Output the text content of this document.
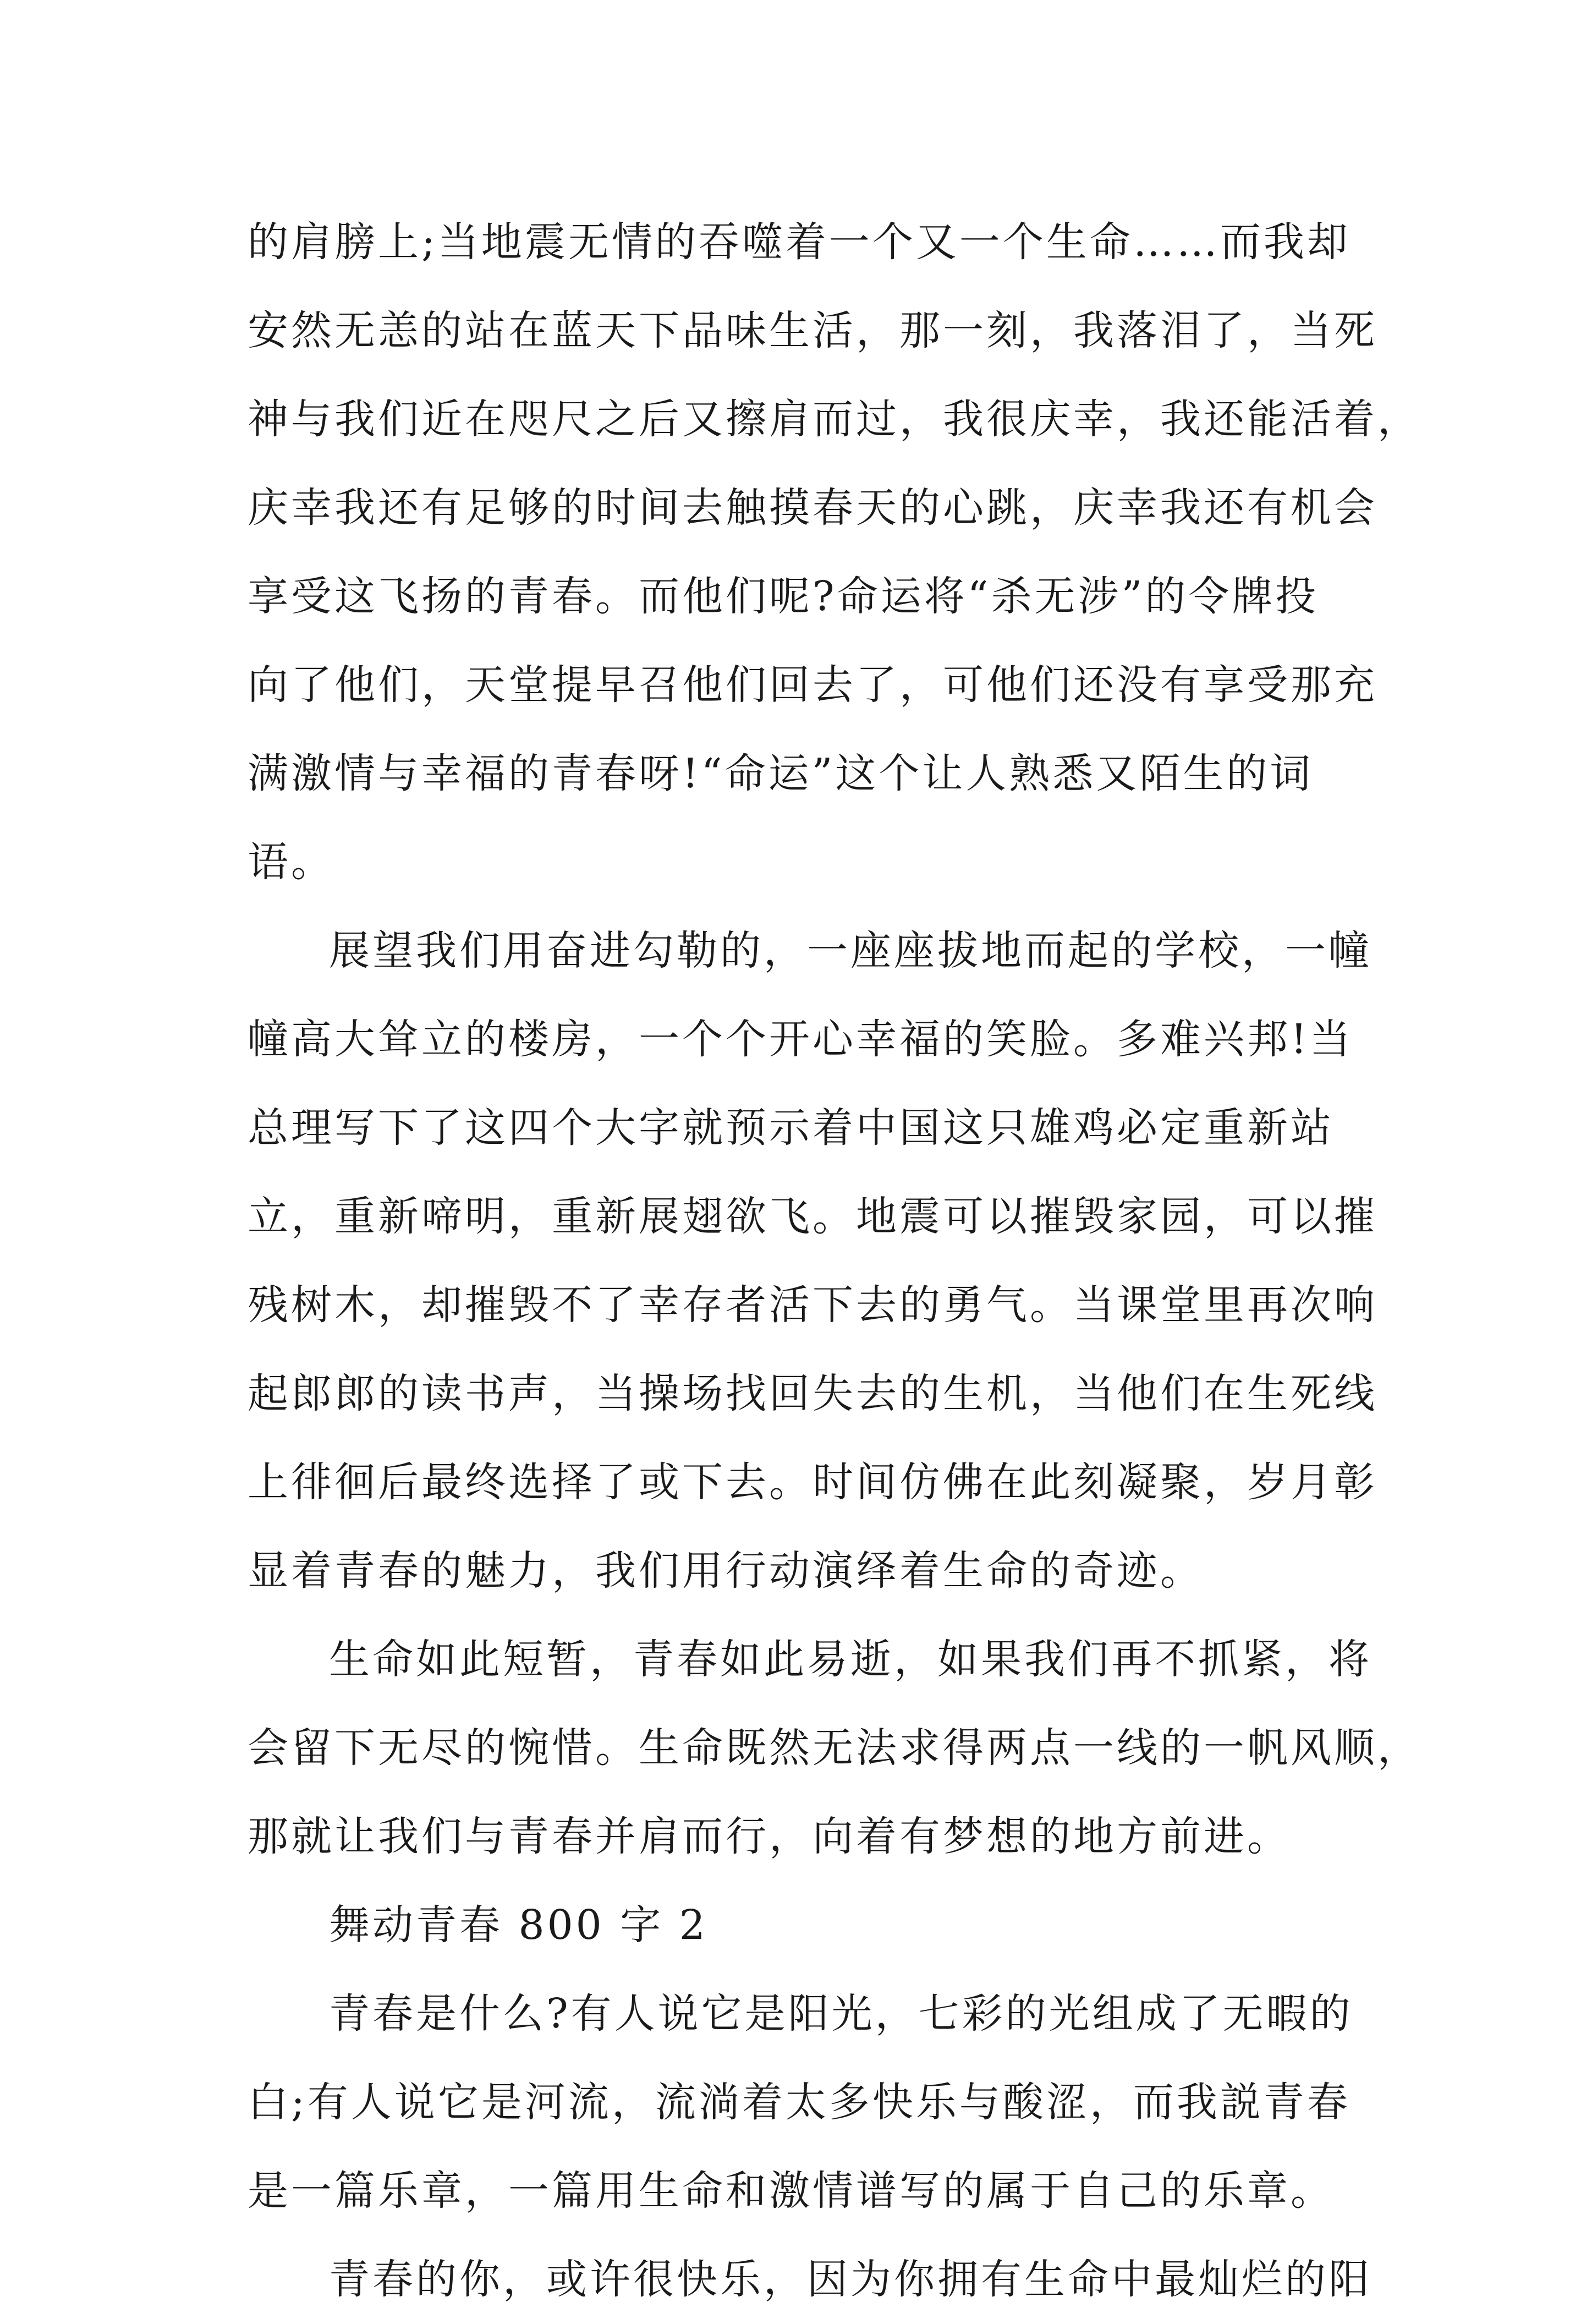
的肩膀上;当地震无情的吞噬着一个又一个生命……而我却
安然无恙的站在蓝天下品味生活，那一刻，我落泪了，当死
神与我们近在咫尺之后又擦肩而过，我很庆幸，我还能活着，
庆幸我还有足够的时间去触摸春天的心跳，庆幸我还有机会
享受这飞扬的青春。而他们呢?命运将“杀无涉”的令牌投
向了他们，天堂提早召他们回去了，可他们还没有享受那充
满激情与幸福的青春呀!“命运”这个让人熟悉又陌生的词
语。
展望我们用奋进勾勒的，一座座拔地而起的学校，一幢
幢高大耸立的楼房，一个个开心幸福的笑脸。多难兴邦!当
总理写下了这四个大字就预示着中国这只雄鸡必定重新站
立，重新啼明，重新展翅欲飞。地震可以摧毁家园，可以摧
残树木，却摧毁不了幸存者活下去的勇气。当课堂里再次响
起郎郎的读书声，当操场找回失去的生机，当他们在生死线
上徘徊后最终选择了或下去。时间仿佛在此刻凝聚，岁月彰
显着青春的魅力，我们用行动演绎着生命的奇迹。
生命如此短暂，青春如此易逝，如果我们再不抓紧，将
会留下无尽的惋惜。生命既然无法求得两点一线的一帆风顺，
那就让我们与青春并肩而行，向着有梦想的地方前进。
舞动青春 800 字 2
青春是什么?有人说它是阳光，七彩的光组成了无暇的
白;有人说它是河流，流淌着太多快乐与酸涩，而我説青春
是一篇乐章，一篇用生命和激情谱写的属于自己的乐章。
青春的你，或许很快乐，因为你拥有生命中最灿烂的阳
